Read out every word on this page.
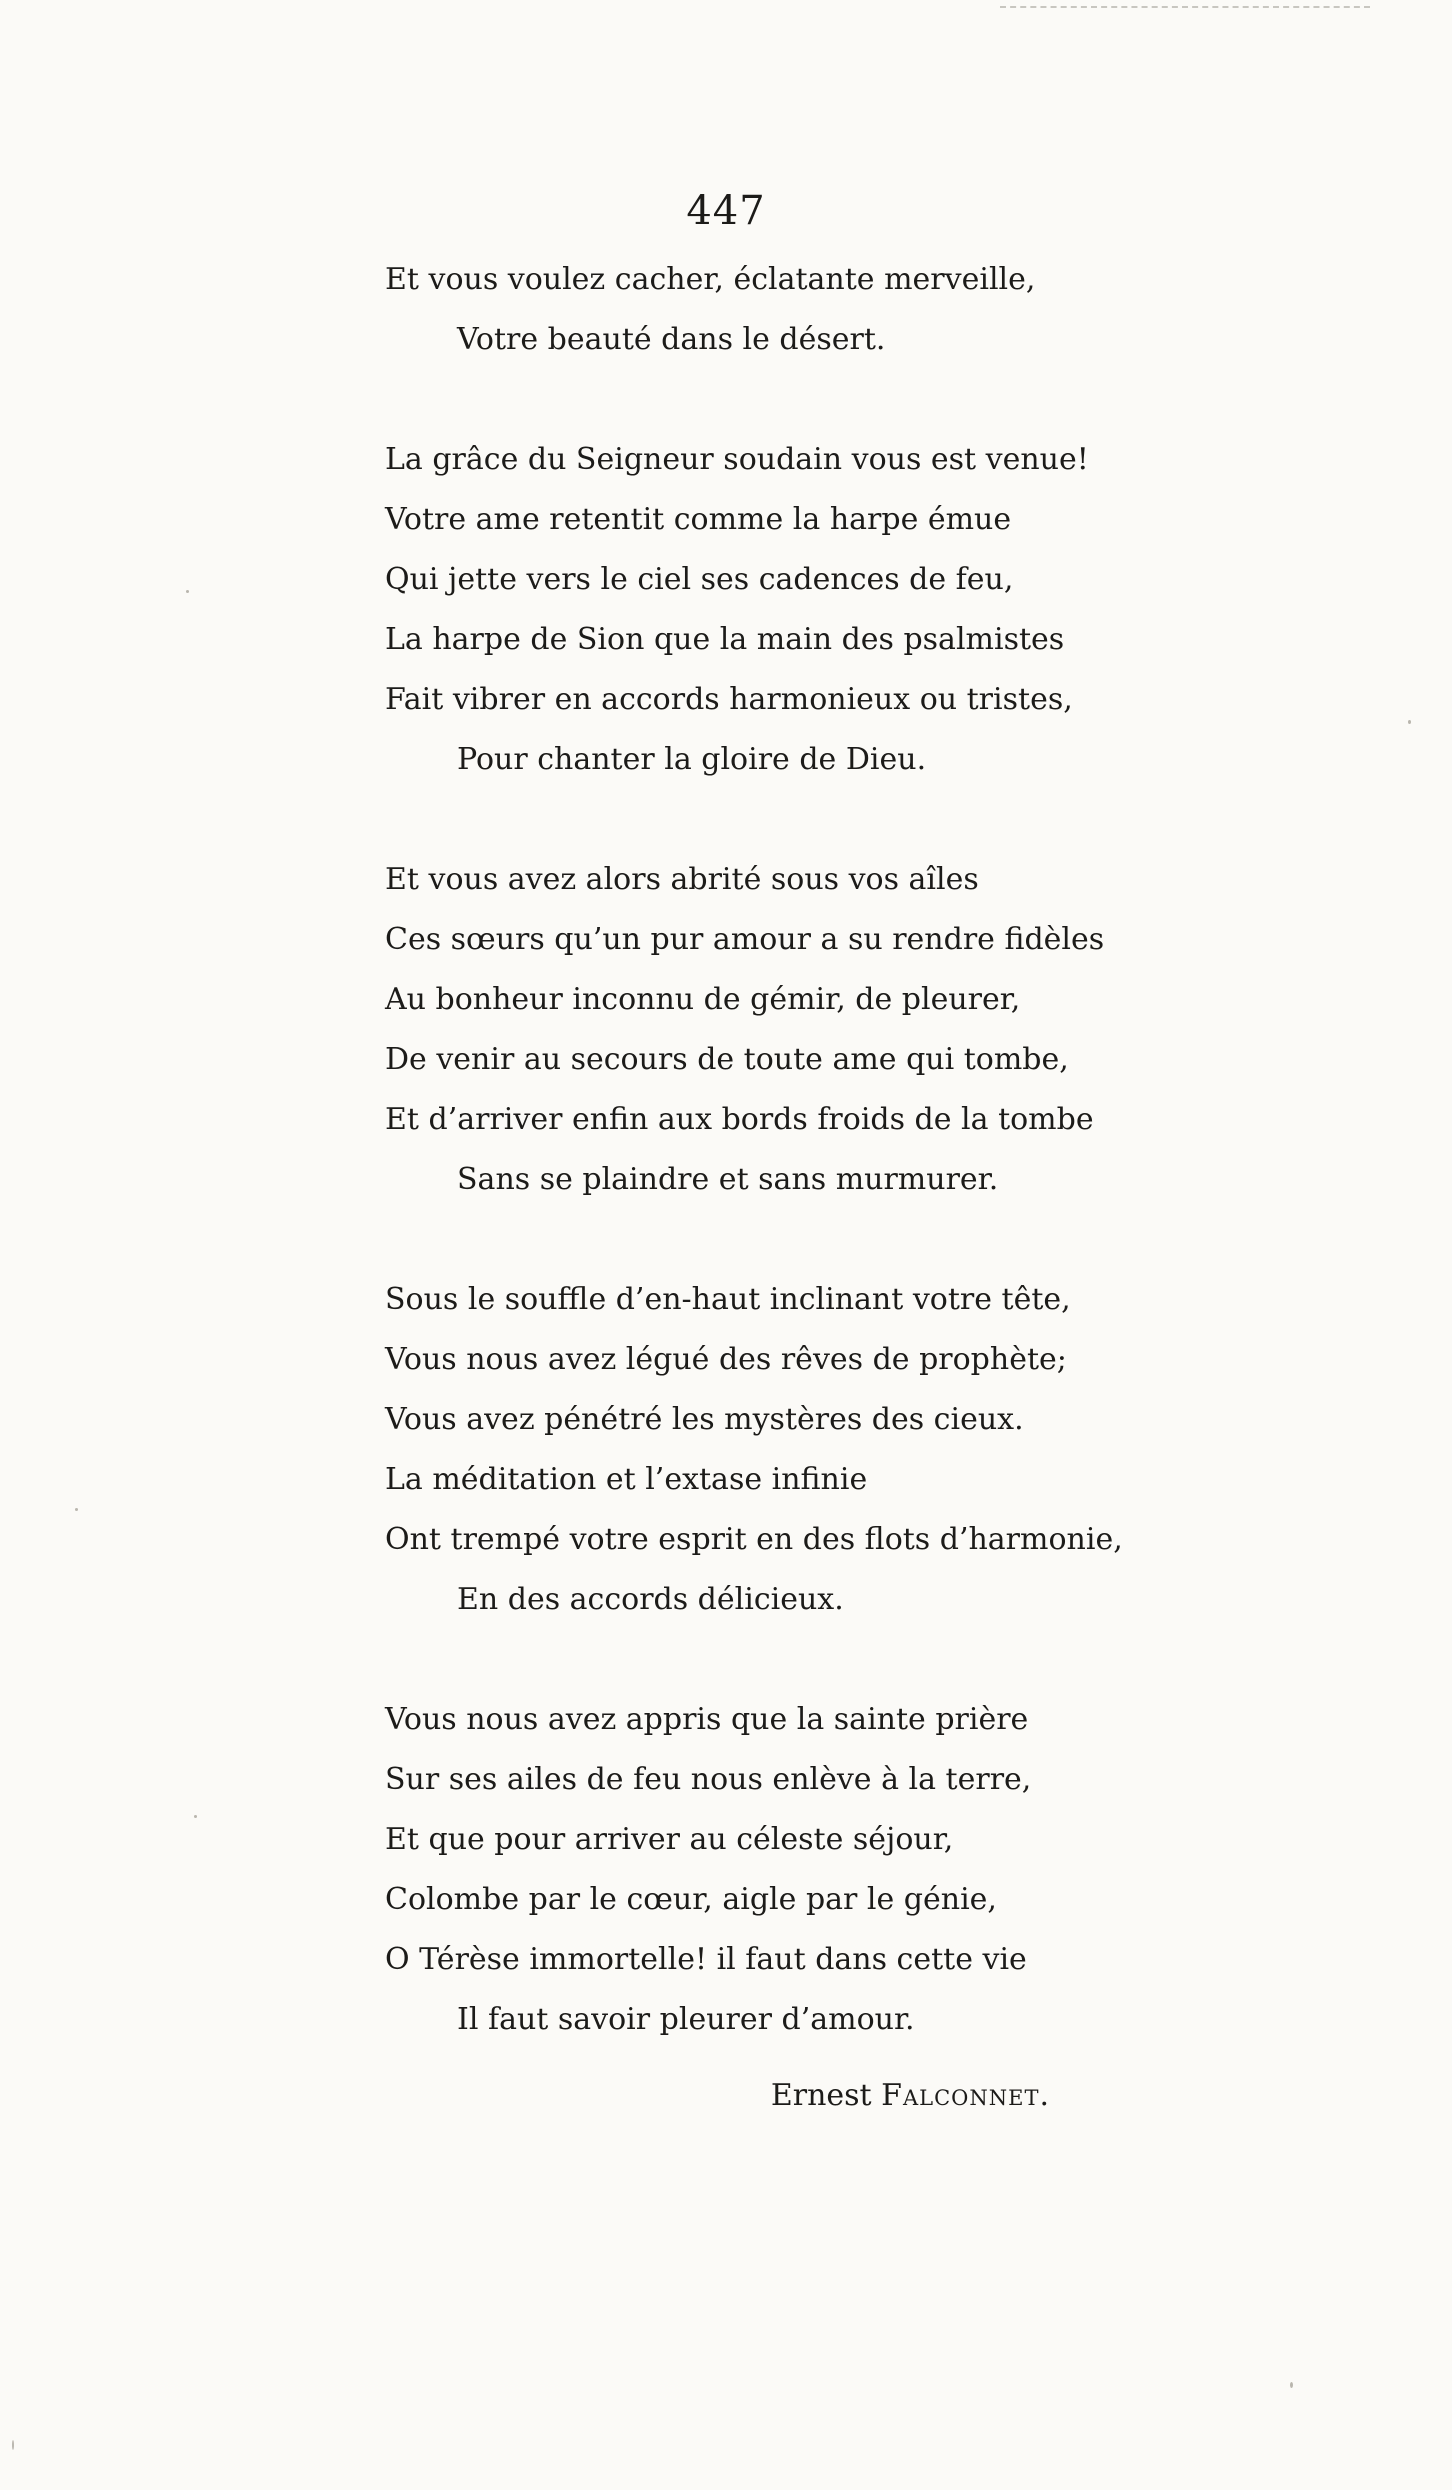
447
Et vous voulez cacher, éclatante merveille,
Votre beauté dans le désert.
La grâce du Seigneur soudain vous est venue!
Votre ame retentit comme la harpe émue
Qui jette vers le ciel ses cadences de feu,
La harpe de Sion que la main des psalmistes
Fait vibrer en accords harmonieux ou tristes,
Pour chanter la gloire de Dieu.
Et vous avez alors abrité sous vos aîles
Ces sœurs qu’un pur amour a su rendre fidèles
Au bonheur inconnu de gémir, de pleurer,
De venir au secours de toute ame qui tombe,
Et d’arriver enfin aux bords froids de la tombe
Sans se plaindre et sans murmurer.
Sous le souffle d’en-haut inclinant votre tête,
Vous nous avez légué des rêves de prophète;
Vous avez pénétré les mystères des cieux.
La méditation et l’extase infinie
Ont trempé votre esprit en des flots d’harmonie,
En des accords délicieux.
Vous nous avez appris que la sainte prière
Sur ses ailes de feu nous enlève à la terre,
Et que pour arriver au céleste séjour,
Colombe par le cœur, aigle par le génie,
O Térèse immortelle! il faut dans cette vie
Il faut savoir pleurer d’amour.
Ernest Falconnet.
